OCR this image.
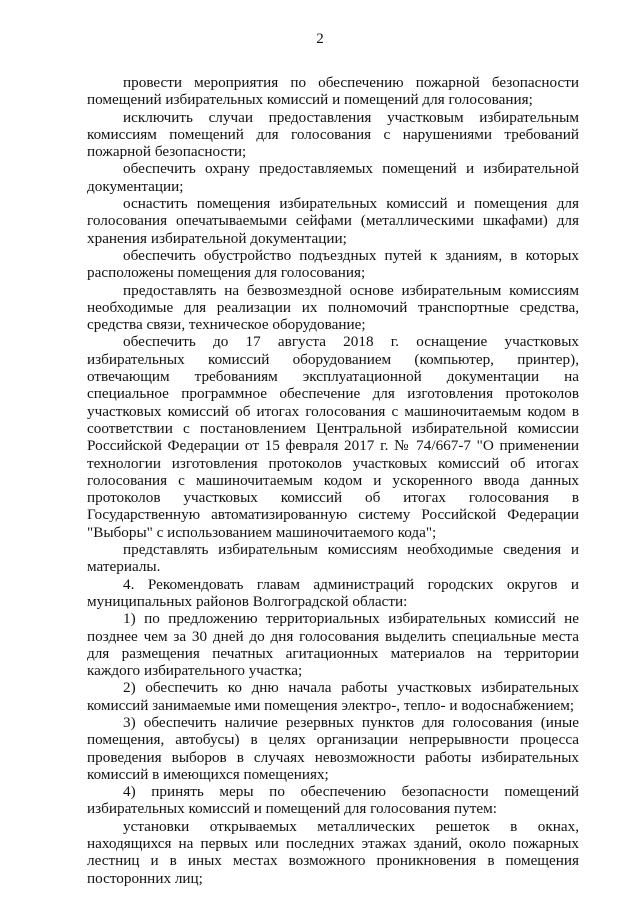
2

провести мероприятия по обеспечению пожарной безопасности помещений избирательных комиссий и помещений для голосования;

исключить случаи предоставления участковым избирательным комиссиям помещений для голосования с нарушениями требований пожарной безопасности;

обеспечить охрану предоставляемых помещений и избирательной документации;

оснастить помещения избирательных комиссий и помещения для голосования опечатываемыми сейфами (металлическими шкафами) для хранения избирательной документации;

обеспечить обустройство подъездных путей к зданиям, в которых расположены помещения для голосования;

предоставлять на безвозмездной основе избирательным комиссиям необходимые для реализации их полномочий транспортные средства, средства связи, техническое оборудование;

обеспечить до 17 августа 2018 г. оснащение участковых избирательных комиссий оборудованием (компьютер, принтер), отвечающим требованиям эксплуатационной документации на специальное программное обеспечение для изготовления протоколов участковых комиссий об итогах голосования с машиночитаемым кодом в соответствии с постановлением Центральной избирательной комиссии Российской Федерации от 15 февраля 2017 г. № 74/667-7 "О применении технологии изготовления протоколов участковых комиссий об итогах голосования с машиночитаемым кодом и ускоренного ввода данных протоколов участковых комиссий об итогах голосования в Государственную автоматизированную систему Российской Федерации "Выборы" с использованием машиночитаемого кода";

представлять избирательным комиссиям необходимые сведения и материалы.

4. Рекомендовать главам администраций городских округов и муниципальных районов Волгоградской области:

1) по предложению территориальных избирательных комиссий не позднее чем за 30 дней до дня голосования выделить специальные места для размещения печатных агитационных материалов на территории каждого избирательного участка;

2) обеспечить ко дню начала работы участковых избирательных комиссий занимаемые ими помещения электро-, тепло- и водоснабжением;

3) обеспечить наличие резервных пунктов для голосования (иные помещения, автобусы) в целях организации непрерывности процесса проведения выборов в случаях невозможности работы избирательных комиссий в имеющихся помещениях;

4) принять меры по обеспечению безопасности помещений избирательных комиссий и помещений для голосования путем:

установки открываемых металлических решеток в окнах, находящихся на первых или последних этажах зданий, около пожарных лестниц и в иных местах возможного проникновения в помещения посторонних лиц;
